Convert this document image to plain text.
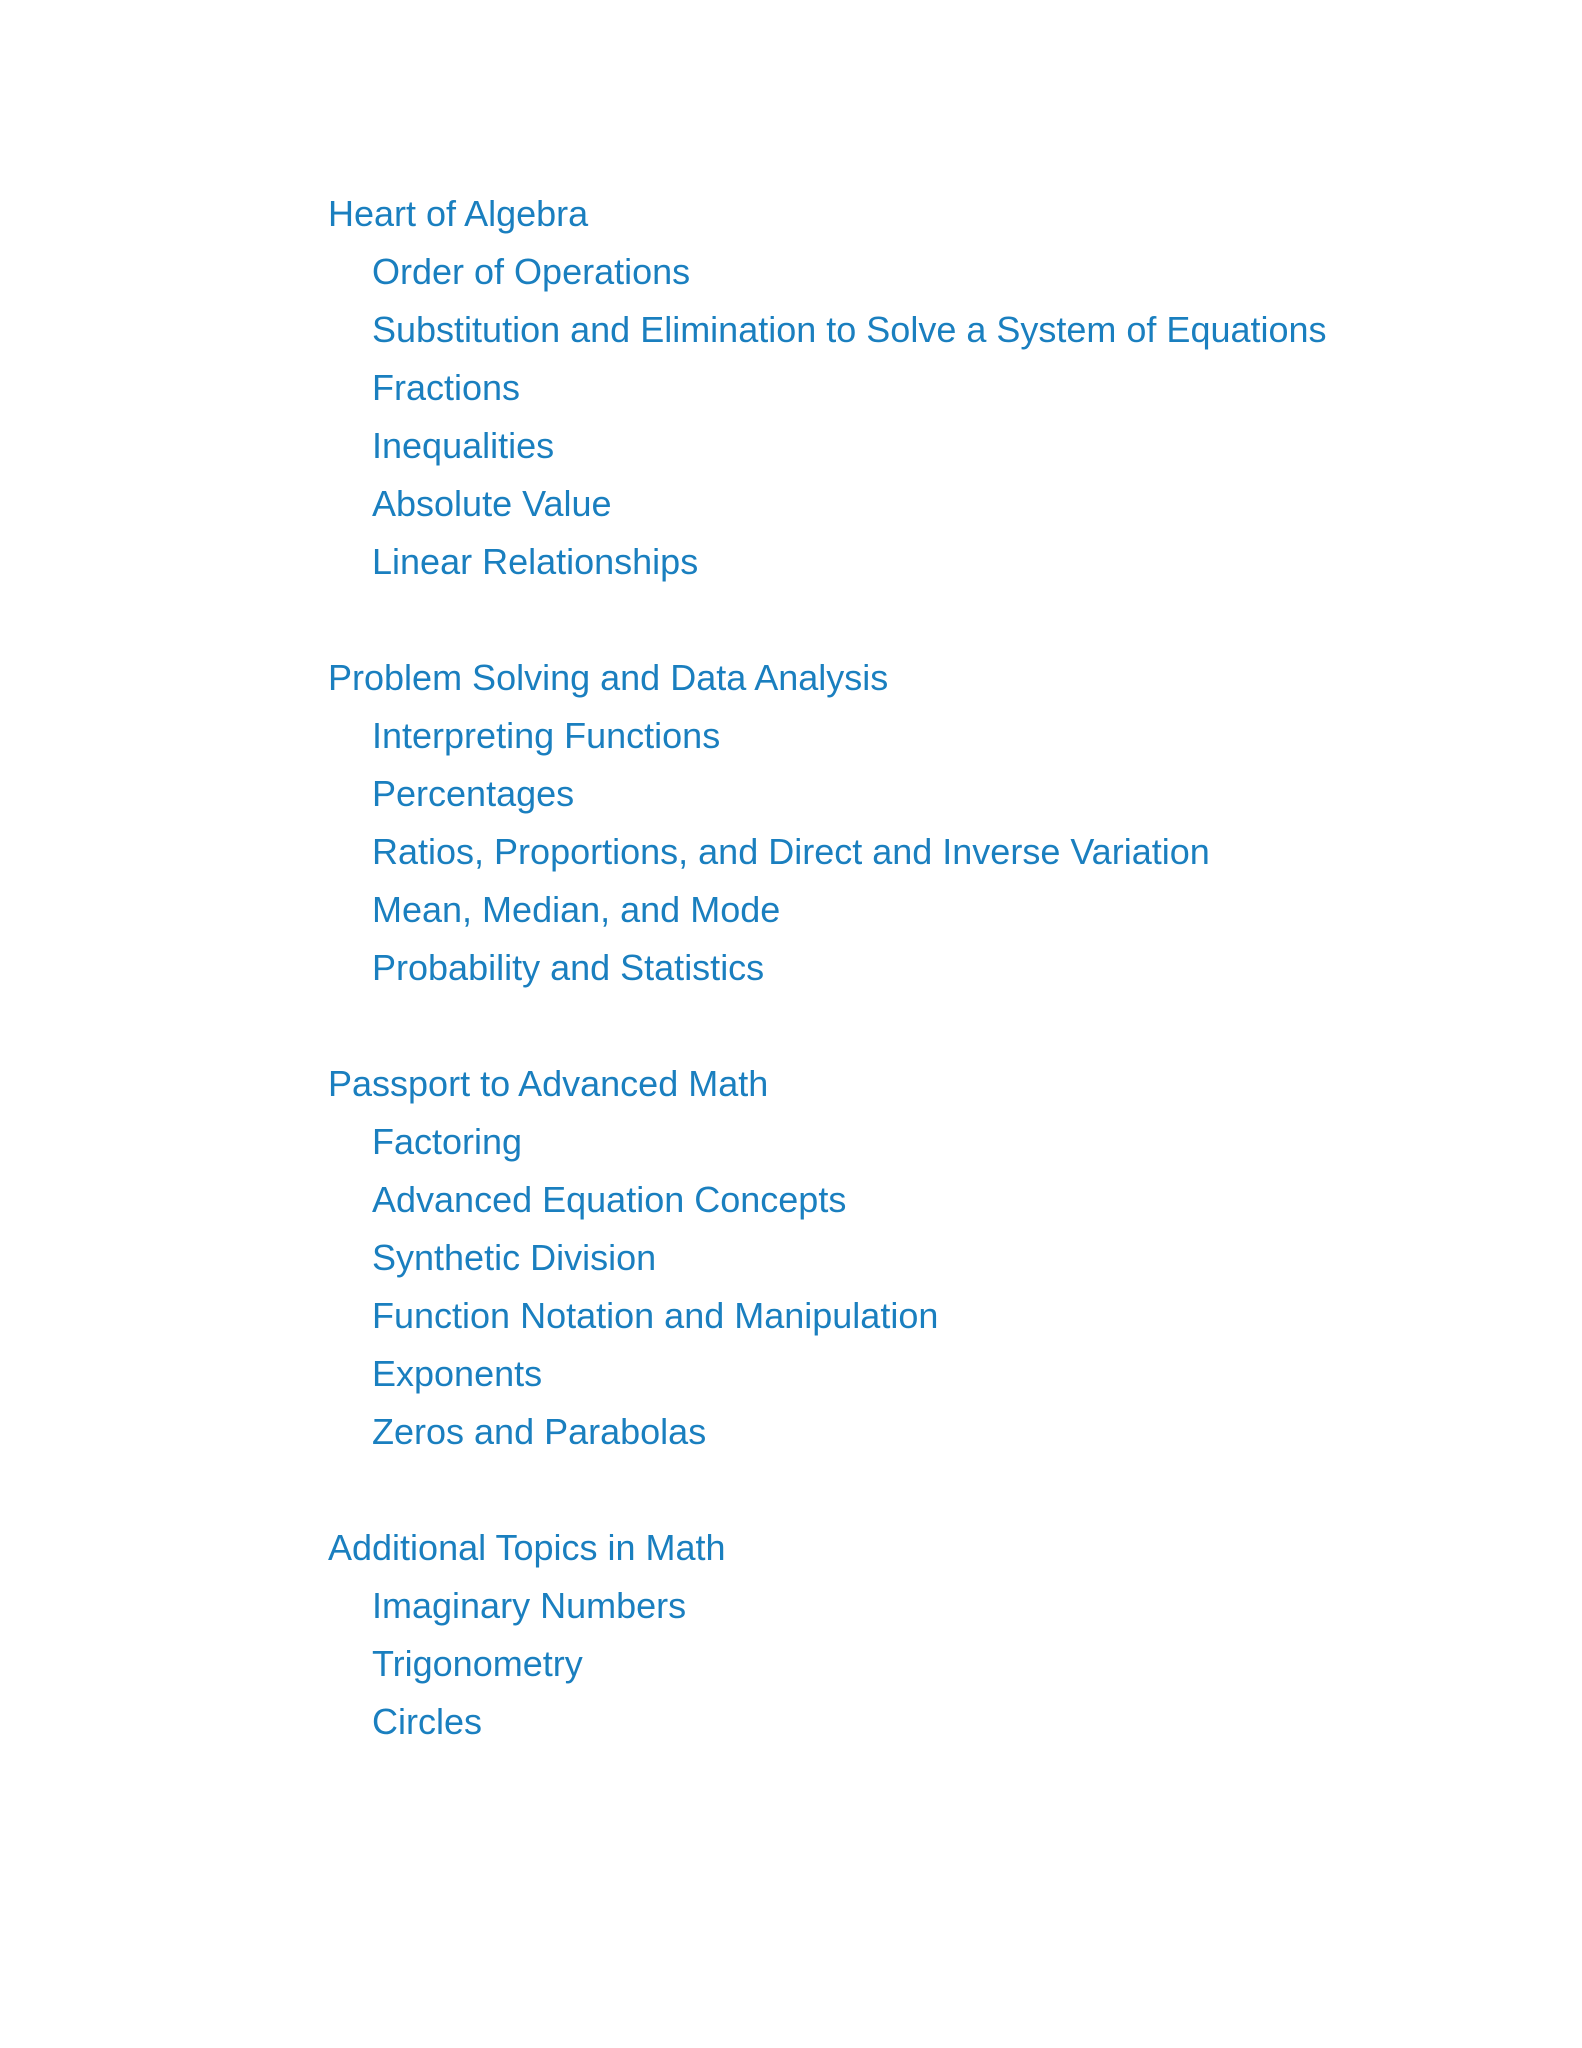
Heart of Algebra
Order of Operations
Substitution and Elimination to Solve a System of Equations
Fractions
Inequalities
Absolute Value
Linear Relationships
Problem Solving and Data Analysis
Interpreting Functions
Percentages
Ratios, Proportions, and Direct and Inverse Variation
Mean, Median, and Mode
Probability and Statistics
Passport to Advanced Math
Factoring
Advanced Equation Concepts
Synthetic Division
Function Notation and Manipulation
Exponents
Zeros and Parabolas
Additional Topics in Math
Imaginary Numbers
Trigonometry
Circles
